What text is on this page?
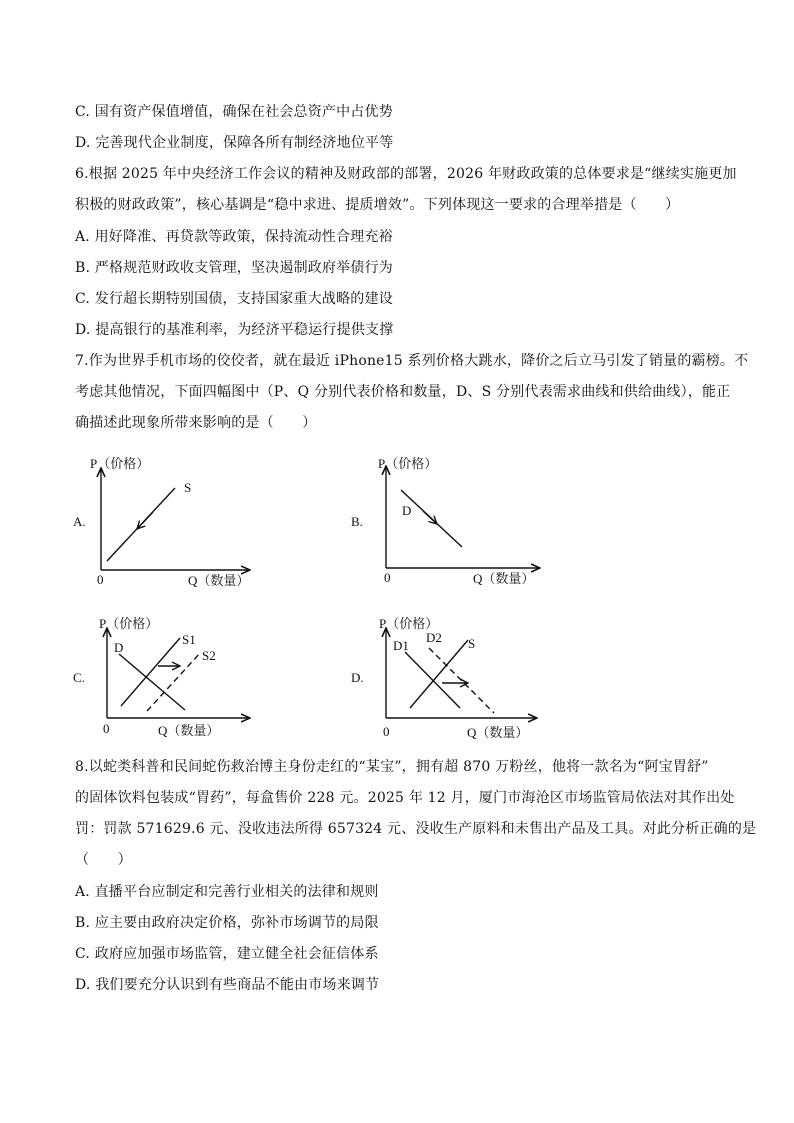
C. 国有资产保值增值，确保在社会总资产中占优势
D. 完善现代企业制度，保障各所有制经济地位平等
6.根据 2025 年中央经济工作会议的精神及财政部的部署，2026 年财政政策的总体要求是“继续实施更加
积极的财政政策”，核心基调是“稳中求进、提质增效”。下列体现这一要求的合理举措是（　　）
A. 用好降准、再贷款等政策，保持流动性合理充裕
B. 严格规范财政收支管理，坚决遏制政府举债行为
C. 发行超长期特别国债，支持国家重大战略的建设
D. 提高银行的基准利率，为经济平稳运行提供支撑
7.作为世界手机市场的佼佼者，就在最近 iPhone15 系列价格大跳水，降价之后立马引发了销量的霸榜。不
考虑其他情况，下面四幅图中（P、Q 分别代表价格和数量，D、S 分别代表需求曲线和供给曲线），能正
确描述此现象所带来影响的是（　　）
A.
P（价格）
0	Q（数量）
S
B.
P（价格）
0	Q（数量）
D
C.
P（价格）
0	Q（数量）
D
S1
S2
D.
P（价格）
0	Q（数量）
D1
D2 S
8.以蛇类科普和民间蛇伤救治博主身份走红的“某宝”，拥有超 870 万粉丝，他将一款名为“阿宝胃舒”
的固体饮料包装成“胃药”，每盒售价 228 元。2025 年 12 月，厦门市海沧区市场监管局依法对其作出处
罚：罚款 571629.6 元、没收违法所得 657324 元、没收生产原料和未售出产品及工具。对此分析正确的是
（　　）
A. 直播平台应制定和完善行业相关的法律和规则
B. 应主要由政府决定价格，弥补市场调节的局限
C. 政府应加强市场监管，建立健全社会征信体系
D. 我们要充分认识到有些商品不能由市场来调节
